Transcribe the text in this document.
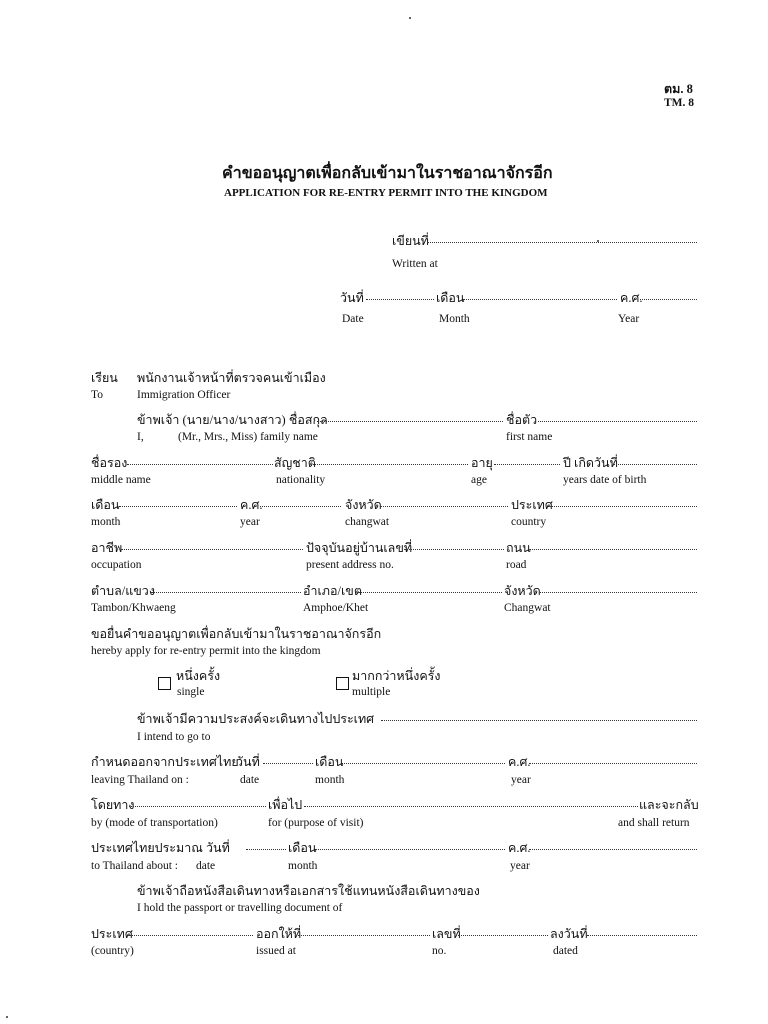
ตม. 8
TM. 8
คำขออนุญาตเพื่อกลับเข้ามาในราชอาณาจักรอีก
APPLICATION FOR RE-ENTRY PERMIT INTO THE KINGDOM
เขียนที่
Written at
วันที่	เดือน	ค.ศ.
Date	Month	Year
เรียน พนักงานเจ้าหน้าที่ตรวจคนเข้าเมือง
To	Immigration Officer
ข้าพเจ้า (นาย/นาง/นางสาว) ชื่อสกุล	ชื่อตัว
I,	(Mr., Mrs., Miss) family name	first name
ชื่อรอง	สัญชาติ	อายุ	ปี เกิดวันที่
middle name	nationality	age	years date of birth
เดือน	ค.ศ.	จังหวัด	ประเทศ
month	year	changwat	country
อาชีพ	ปัจจุบันอยู่บ้านเลขที่	ถนน
occupation	present address no.	road
ตำบล/แขวง	อำเภอ/เขต	จังหวัด
Tambon/Khwaeng	Amphoe/Khet	Changwat
ขอยื่นคำขออนุญาตเพื่อกลับเข้ามาในราชอาณาจักรอีก
hereby apply for re-entry permit into the kingdom
หนึ่งครั้ง
single
มากกว่าหนึ่งครั้ง
multiple
ข้าพเจ้ามีความประสงค์จะเดินทางไปประเทศ
I intend to go to
กำหนดออกจากประเทศไทย
วันที่	เดือน	ค.ศ.
leaving Thailand on :	date	month	year
โดยทาง	เพื่อไป	และจะกลับ
by (mode of transportation)	for (purpose of visit)	and shall return
ประเทศไทยประมาณ วันที่	เดือน	ค.ศ.
to Thailand about : date	month	year
ข้าพเจ้าถือหนังสือเดินทางหรือเอกสารใช้แทนหนังสือเดินทางของ
I hold the passport or travelling document of
ประเทศ	ออกให้ที่	เลขที่	ลงวันที่
(country)	issued at	no.	dated
